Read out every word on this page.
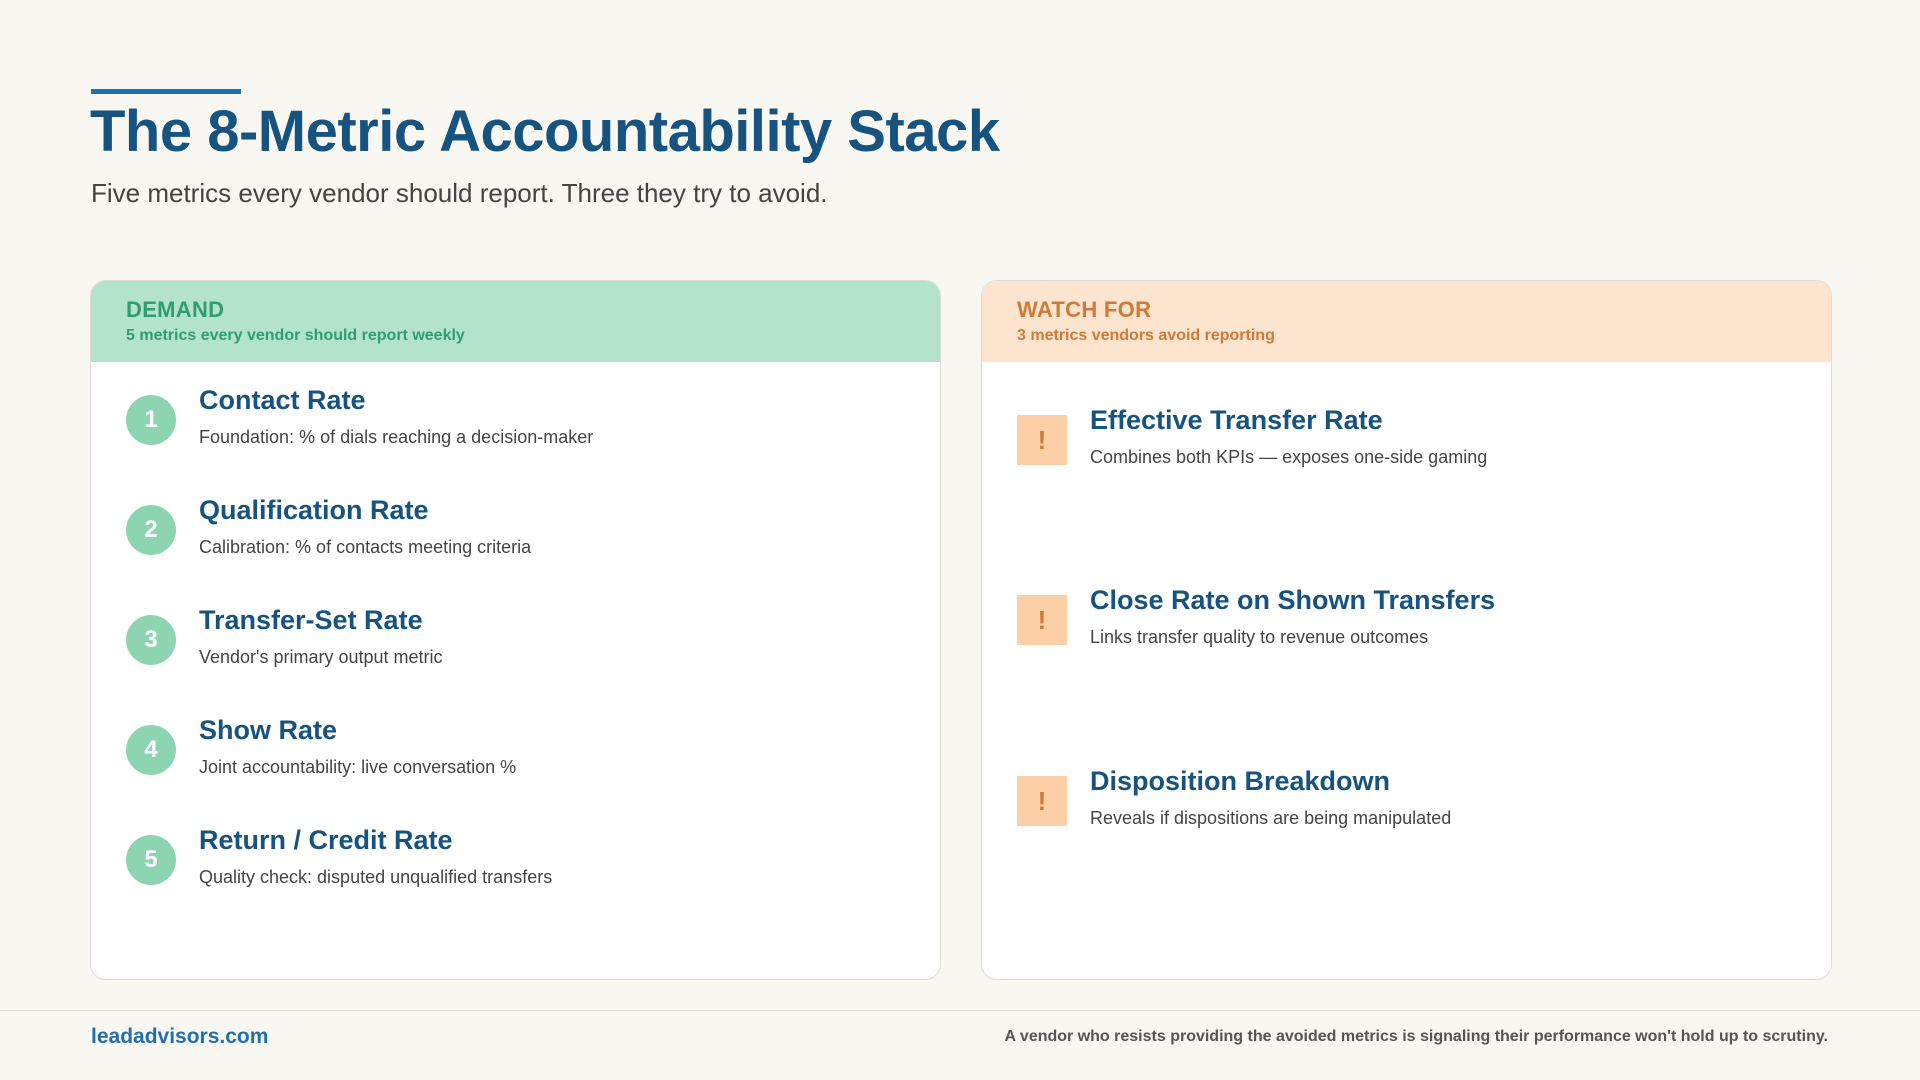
The 8-Metric Accountability Stack

Five metrics every vendor should report. Three they try to avoid.

DEMAND
5 metrics every vendor should report weekly
1
Contact Rate
Foundation: % of dials reaching a decision-maker
2
Qualification Rate
Calibration: % of contacts meeting criteria
3
Transfer-Set Rate
Vendor's primary output metric
4
Show Rate
Joint accountability: live conversation %
5
Return / Credit Rate
Quality check: disputed unqualified transfers
WATCH FOR
3 metrics vendors avoid reporting
!
Effective Transfer Rate
Combines both KPIs — exposes one-side gaming
!
Close Rate on Shown Transfers
Links transfer quality to revenue outcomes
!
Disposition Breakdown
Reveals if dispositions are being manipulated
leadadvisors.com	A vendor who resists providing the avoided metrics is signaling their performance won't hold up to scrutiny.
